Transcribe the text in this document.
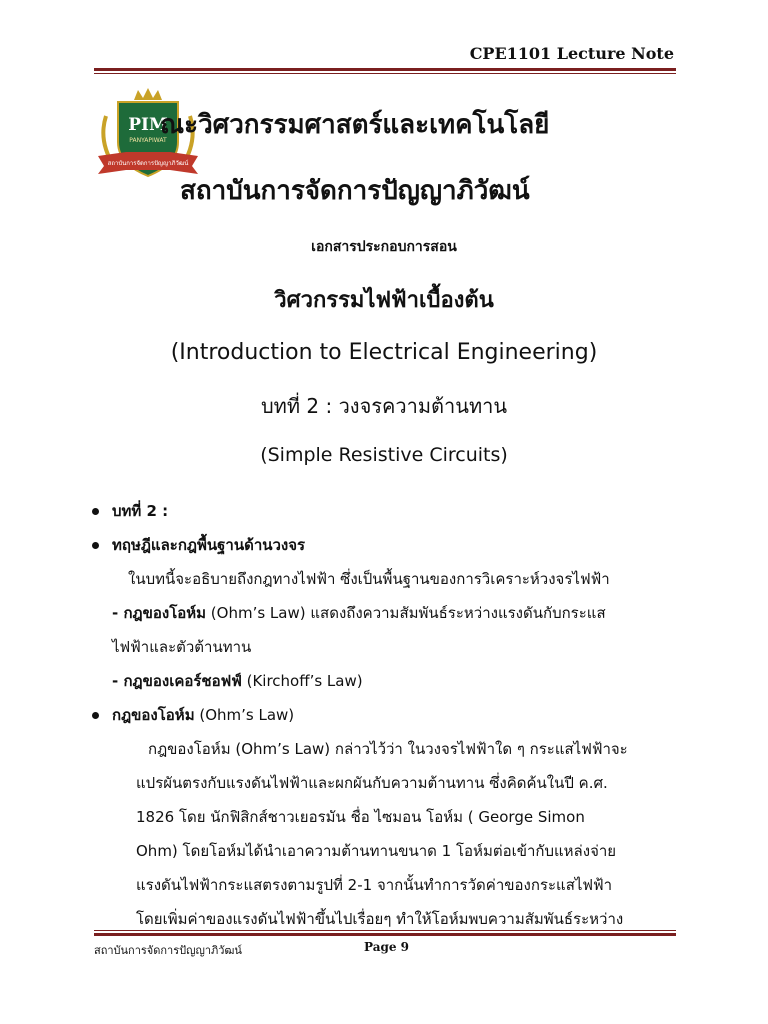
CPE1101 Lecture Note
PIM
PANYAPIWAT
สถาบันการจัดการปัญญาภิวัฒน์
ณะวิศวกรรมศาสตร์และเทคโนโลยี
สถาบันการจัดการปัญญาภิวัฒน์
เอกสารประกอบการสอน
วิศวกรรมไฟฟ้าเบื้องต้น
(Introduction to Electrical Engineering)
บทที่ 2 : วงจรความต้านทาน
(Simple Resistive Circuits)
บทที่ 2 :
ทฤษฎีและกฎพื้นฐานด้านวงจร
ในบทนี้จะอธิบายถึงกฎทางไฟฟ้า ซึ่งเป็นพื้นฐานของการวิเคราะห์วงจรไฟฟ้า
- กฎของโอห์ม (Ohm’s Law) แสดงถึงความสัมพันธ์ระหว่างแรงดันกับกระแส
ไฟฟ้าและตัวต้านทาน
- กฎของเคอร์ชอฟฟ์ (Kirchoff’s Law)
กฎของโอห์ม (Ohm’s Law)
กฎของโอห์ม (Ohm’s Law) กล่าวไว้ว่า ในวงจรไฟฟ้าใด ๆ กระแสไฟฟ้าจะ
แปรผันตรงกับแรงดันไฟฟ้าและผกผันกับความต้านทาน ซึ่งคิดค้นในปี ค.ศ.
1826 โดย นักฟิสิกส์ชาวเยอรมัน ชื่อ ไซมอน โอห์ม ( George Simon
Ohm) โดยโอห์มได้นำเอาความต้านทานขนาด 1 โอห์มต่อเข้ากับแหล่งจ่าย
แรงดันไฟฟ้ากระแสตรงตามรูปที่ 2-1 จากนั้นทำการวัดค่าของกระแสไฟฟ้า
โดยเพิ่มค่าของแรงดันไฟฟ้าขึ้นไปเรื่อยๆ ทำให้โอห์มพบความสัมพันธ์ระหว่าง
สถาบันการจัดการปัญญาภิวัฒน์	Page 9
